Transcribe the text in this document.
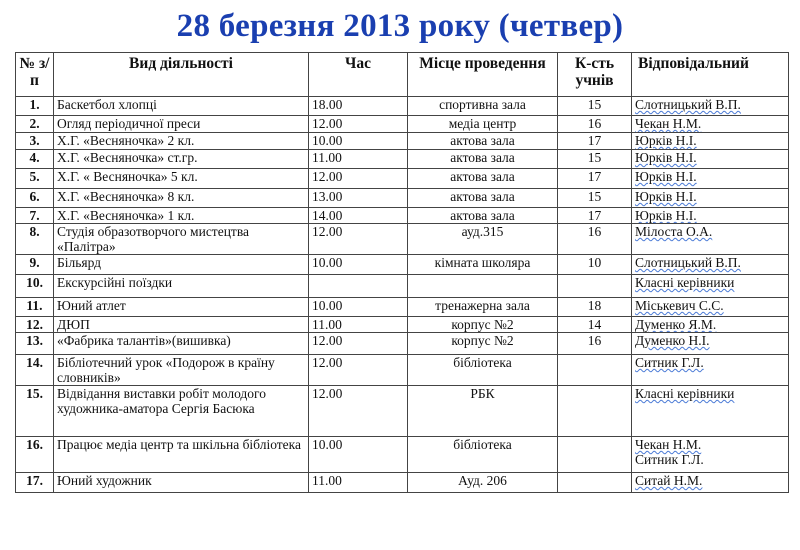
28 березня 2013 року (четвер)
№ з/п	Вид діяльності	Час	Місце проведення	К-сть учнів	Відповідальний
1.	Баскетбол хлопці	18.00	спортивна зала	15	Слотницький В.П.

2.	Огляд періодичної преси	12.00	медіа центр	16	Чекан Н.М.

3.	Х.Г. «Весняночка» 2 кл.	10.00	актова зала	17	Юрків Н.І.

4.	Х.Г. «Весняночка» ст.гр.	11.00	актова зала	15	Юрків Н.І.

5.	Х.Г. « Весняночка» 5 кл.	12.00	актова зала	17	Юрків Н.І.

6.	Х.Г. «Весняночка» 8 кл.	13.00	актова зала	15	Юрків Н.І.

7.	Х.Г. «Весняночка» 1 кл.	14.00	актова зала	17	Юрків Н.І.

8.	Студія образотворчого мистецтва «Палітра»	12.00	ауд.315	16	Мілоста О.А.

9.	Більярд	10.00	кімната школяра	10	Слотницький В.П.

10.	Екскурсійні поїздки				Класні керівники

11.	Юний атлет	10.00	тренажерна зала	18	Міськевич С.С.

12.	ДЮП	11.00	корпус №2	14	Думенко Я.М.

13.	«Фабрика талантів»(вишивка)	12.00	корпус №2	16	Думенко Н.І.

14.	Бібліотечний урок «Подорож в країну словників»	12.00	бібліотека		Ситник Г.Л.

15.	Відвідання виставки робіт молодого художника-аматора Сергія Басюка	12.00	РБК		Класні керівники

16.	Працює медіа центр та шкільна бібліотека	10.00	бібліотека		Чекан Н.М.
Ситник Г.Л.

17.	Юний художник	11.00	Ауд. 206		Ситай Н.М.
